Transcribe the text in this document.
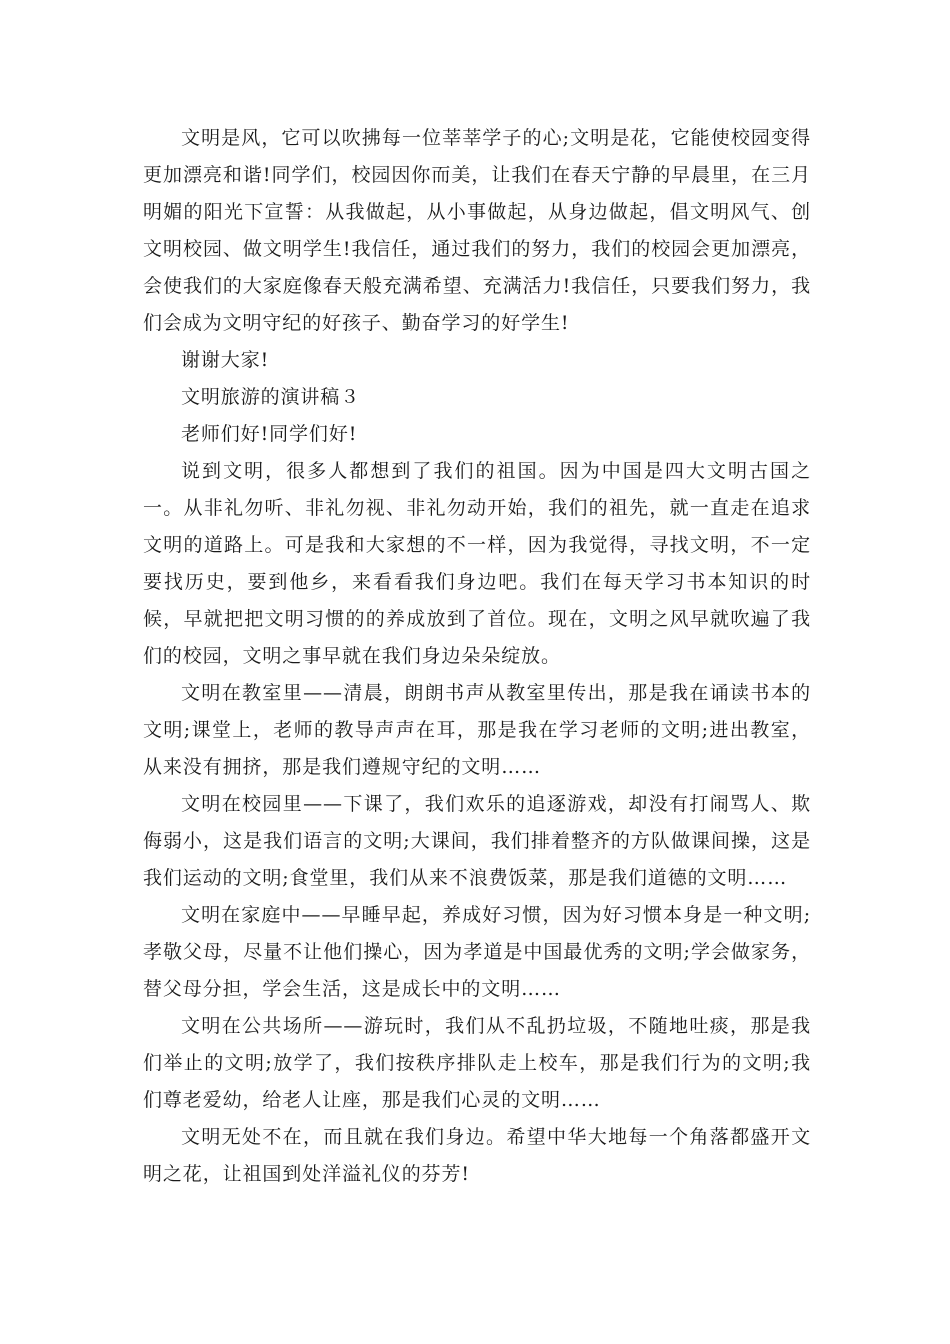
文明是风，它可以吹拂每一位莘莘学子的心;文明是花，它能使校园变得更加漂亮和谐!同学们，校园因你而美，让我们在春天宁静的早晨里，在三月明媚的阳光下宣誓：从我做起，从小事做起，从身边做起，倡文明风气、创文明校园、做文明学生!我信任，通过我们的努力，我们的校园会更加漂亮，会使我们的大家庭像春天般充满希望、充满活力!我信任，只要我们努力，我们会成为文明守纪的好孩子、勤奋学习的好学生!

谢谢大家!

文明旅游的演讲稿３

老师们好!同学们好!

说到文明，很多人都想到了我们的祖国。因为中国是四大文明古国之一。从非礼勿听、非礼勿视、非礼勿动开始，我们的祖先，就一直走在追求文明的道路上。可是我和大家想的不一样，因为我觉得，寻找文明，不一定要找历史，要到他乡，来看看我们身边吧。我们在每天学习书本知识的时候，早就把把文明习惯的的养成放到了首位。现在，文明之风早就吹遍了我们的校园，文明之事早就在我们身边朵朵绽放。

文明在教室里——清晨，朗朗书声从教室里传出，那是我在诵读书本的文明;课堂上，老师的教导声声在耳，那是我在学习老师的文明;进出教室，从来没有拥挤，那是我们遵规守纪的文明……

文明在校园里——下课了，我们欢乐的追逐游戏，却没有打闹骂人、欺侮弱小，这是我们语言的文明;大课间，我们排着整齐的方队做课间操，这是我们运动的文明;食堂里，我们从来不浪费饭菜，那是我们道德的文明……

文明在家庭中——早睡早起，养成好习惯，因为好习惯本身是一种文明;孝敬父母，尽量不让他们操心，因为孝道是中国最优秀的文明;学会做家务，替父母分担，学会生活，这是成长中的文明……

文明在公共场所——游玩时，我们从不乱扔垃圾，不随地吐痰，那是我们举止的文明;放学了，我们按秩序排队走上校车，那是我们行为的文明;我们尊老爱幼，给老人让座，那是我们心灵的文明……

文明无处不在，而且就在我们身边。希望中华大地每一个角落都盛开文明之花，让祖国到处洋溢礼仪的芬芳!
